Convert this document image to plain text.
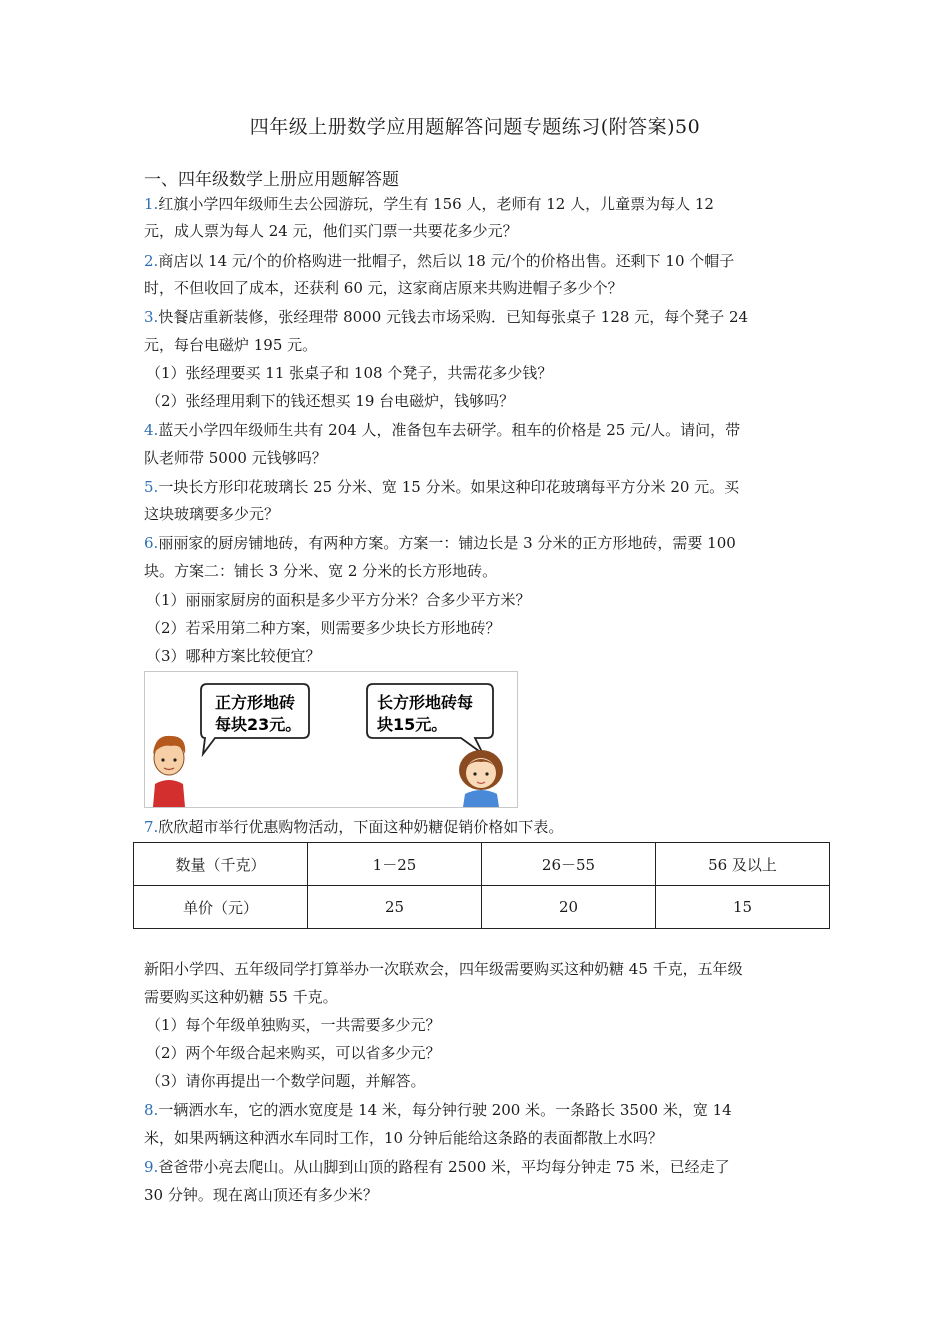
四年级上册数学应用题解答问题专题练习(附答案)50
一、四年级数学上册应用题解答题
1.红旗小学四年级师生去公园游玩，学生有 156 人，老师有 12 人，儿童票为每人 12
元，成人票为每人 24 元，他们买门票一共要花多少元？
2.商店以 14 元/个的价格购进一批帽子，然后以 18 元/个的价格出售。还剩下 10 个帽子
时，不但收回了成本，还获利 60 元，这家商店原来共购进帽子多少个？
3.快餐店重新装修，张经理带 8000 元钱去市场采购．已知每张桌子 128 元，每个凳子 24
元，每台电磁炉 195 元。
（1）张经理要买 11 张桌子和 108 个凳子，共需花多少钱？
（2）张经理用剩下的钱还想买 19 台电磁炉，钱够吗？
4.蓝天小学四年级师生共有 204 人，准备包车去研学。租车的价格是 25 元/人。请问，带
队老师带 5000 元钱够吗？
5.一块长方形印花玻璃长 25 分米、宽 15 分米。如果这种印花玻璃每平方分米 20 元。买
这块玻璃要多少元？
6.丽丽家的厨房铺地砖，有两种方案。方案一：铺边长是 3 分米的正方形地砖，需要 100
块。方案二：铺长 3 分米、宽 2 分米的长方形地砖。
（1）丽丽家厨房的面积是多少平方分米？合多少平方米？
（2）若采用第二种方案，则需要多少块长方形地砖？
（3）哪种方案比较便宜？
正方形地砖
每块23元。
长方形地砖每
块15元。
7.欣欣超市举行优惠购物活动，下面这种奶糖促销价格如下表。
数量（千克）	1－25	26－55	56 及以上
单价（元）	25	20	15
新阳小学四、五年级同学打算举办一次联欢会，四年级需要购买这种奶糖 45 千克，五年级
需要购买这种奶糖 55 千克。
（1）每个年级单独购买，一共需要多少元？
（2）两个年级合起来购买，可以省多少元？
（3）请你再提出一个数学问题，并解答。
8.一辆洒水车，它的洒水宽度是 14 米，每分钟行驶 200 米。一条路长 3500 米，宽 14
米，如果两辆这种洒水车同时工作，10 分钟后能给这条路的表面都散上水吗？
9.爸爸带小亮去爬山。从山脚到山顶的路程有 2500 米，平均每分钟走 75 米，已经走了
30 分钟。现在离山顶还有多少米？
